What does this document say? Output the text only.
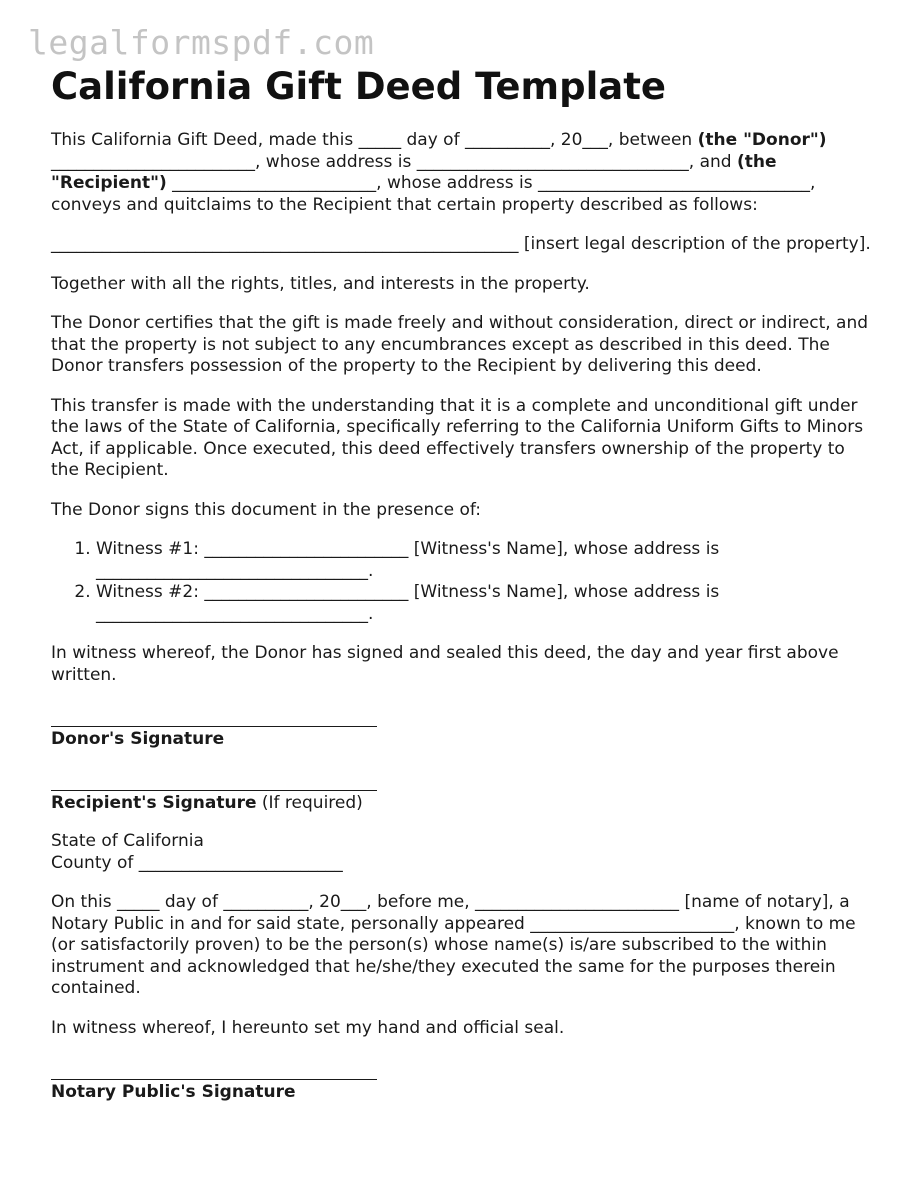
legalformspdf.com
California Gift Deed Template

This California Gift Deed, made this _____ day of __________, 20___, between (the "Donor") ________________________, whose address is ________________________________, and (the "Recipient") ________________________, whose address is ________________________________, conveys and quitclaims to the Recipient that certain property described as follows:

_______________________________________________________ [insert legal description of the property].

Together with all the rights, titles, and interests in the property.

The Donor certifies that the gift is made freely and without consideration, direct or indirect, and that the property is not subject to any encumbrances except as described in this deed. The Donor transfers possession of the property to the Recipient by delivering this deed.

This transfer is made with the understanding that it is a complete and unconditional gift under the laws of the State of California, specifically referring to the California Uniform Gifts to Minors Act, if applicable. Once executed, this deed effectively transfers ownership of the property to the Recipient.

The Donor signs this document in the presence of:

1. Witness #1: ________________________ [Witness's Name], whose address is ________________________________.
2. Witness #2: ________________________ [Witness's Name], whose address is ________________________________.

In witness whereof, the Donor has signed and sealed this deed, the day and year first above written.

Donor's Signature
Recipient's Signature (If required)

State of California
County of ________________________

On this _____ day of __________, 20___, before me, ________________________ [name of notary], a Notary Public in and for said state, personally appeared ________________________, known to me (or satisfactorily proven) to be the person(s) whose name(s) is/are subscribed to the within instrument and acknowledged that he/she/they executed the same for the purposes therein contained.

In witness whereof, I hereunto set my hand and official seal.

Notary Public's Signature
